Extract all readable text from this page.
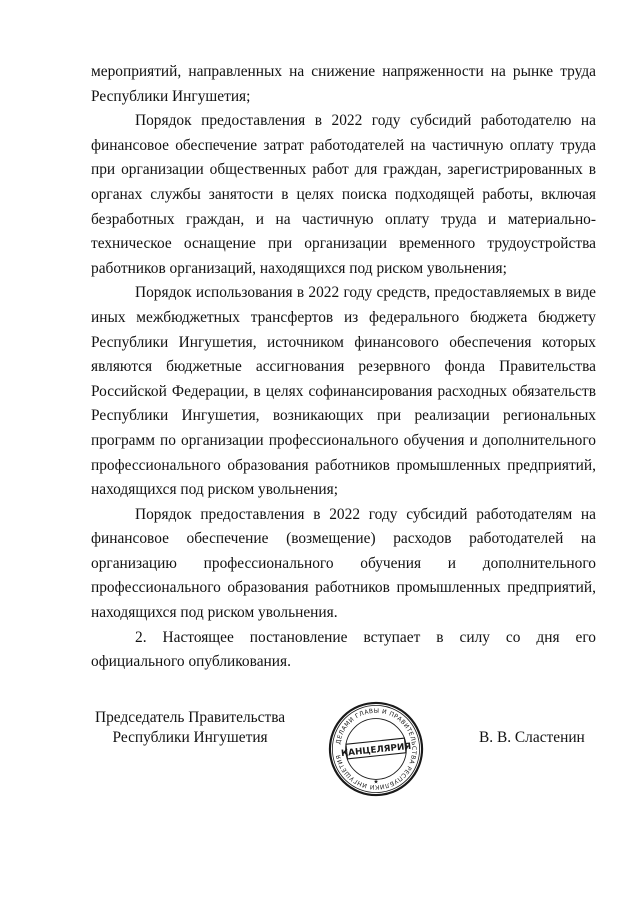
мероприятий, направленных на снижение напряженности на рынке труда Республики Ингушетия;

Порядок предоставления в 2022 году субсидий работодателю на финансовое обеспечение затрат работодателей на частичную оплату труда при организации общественных работ для граждан, зарегистрированных в органах службы занятости в целях поиска подходящей работы, включая безработных граждан, и на частичную оплату труда и материально-техническое оснащение при организации временного трудоустройства работников организаций, находящихся под риском увольнения;

Порядок использования в 2022 году средств, предоставляемых в виде иных межбюджетных трансфертов из федерального бюджета бюджету Республики Ингушетия, источником финансового обеспечения которых являются бюджетные ассигнования резервного фонда Правительства Российской Федерации, в целях софинансирования расходных обязательств Республики Ингушетия, возникающих при реализации региональных программ по организации профессионального обучения и дополнительного профессионального образования работников промышленных предприятий, находящихся под риском увольнения;

Порядок предоставления в 2022 году субсидий работодателям на финансовое обеспечение (возмещение) расходов работодателей на организацию профессионального обучения и дополнительного профессионального образования работников промышленных предприятий, находящихся под риском увольнения.

2. Настоящее постановление вступает в силу со дня его официального опубликования.

Председатель Правительства
Республики Ингушетия	ДЕЛАМИ ГЛАВЫ И ПРАВИТЕЛЬСТВА РЕСПУБЛИКИ ИНГУШЕТИЯ
КАНЦЕЛЯРИЯ
★
В. В. Сластенин
